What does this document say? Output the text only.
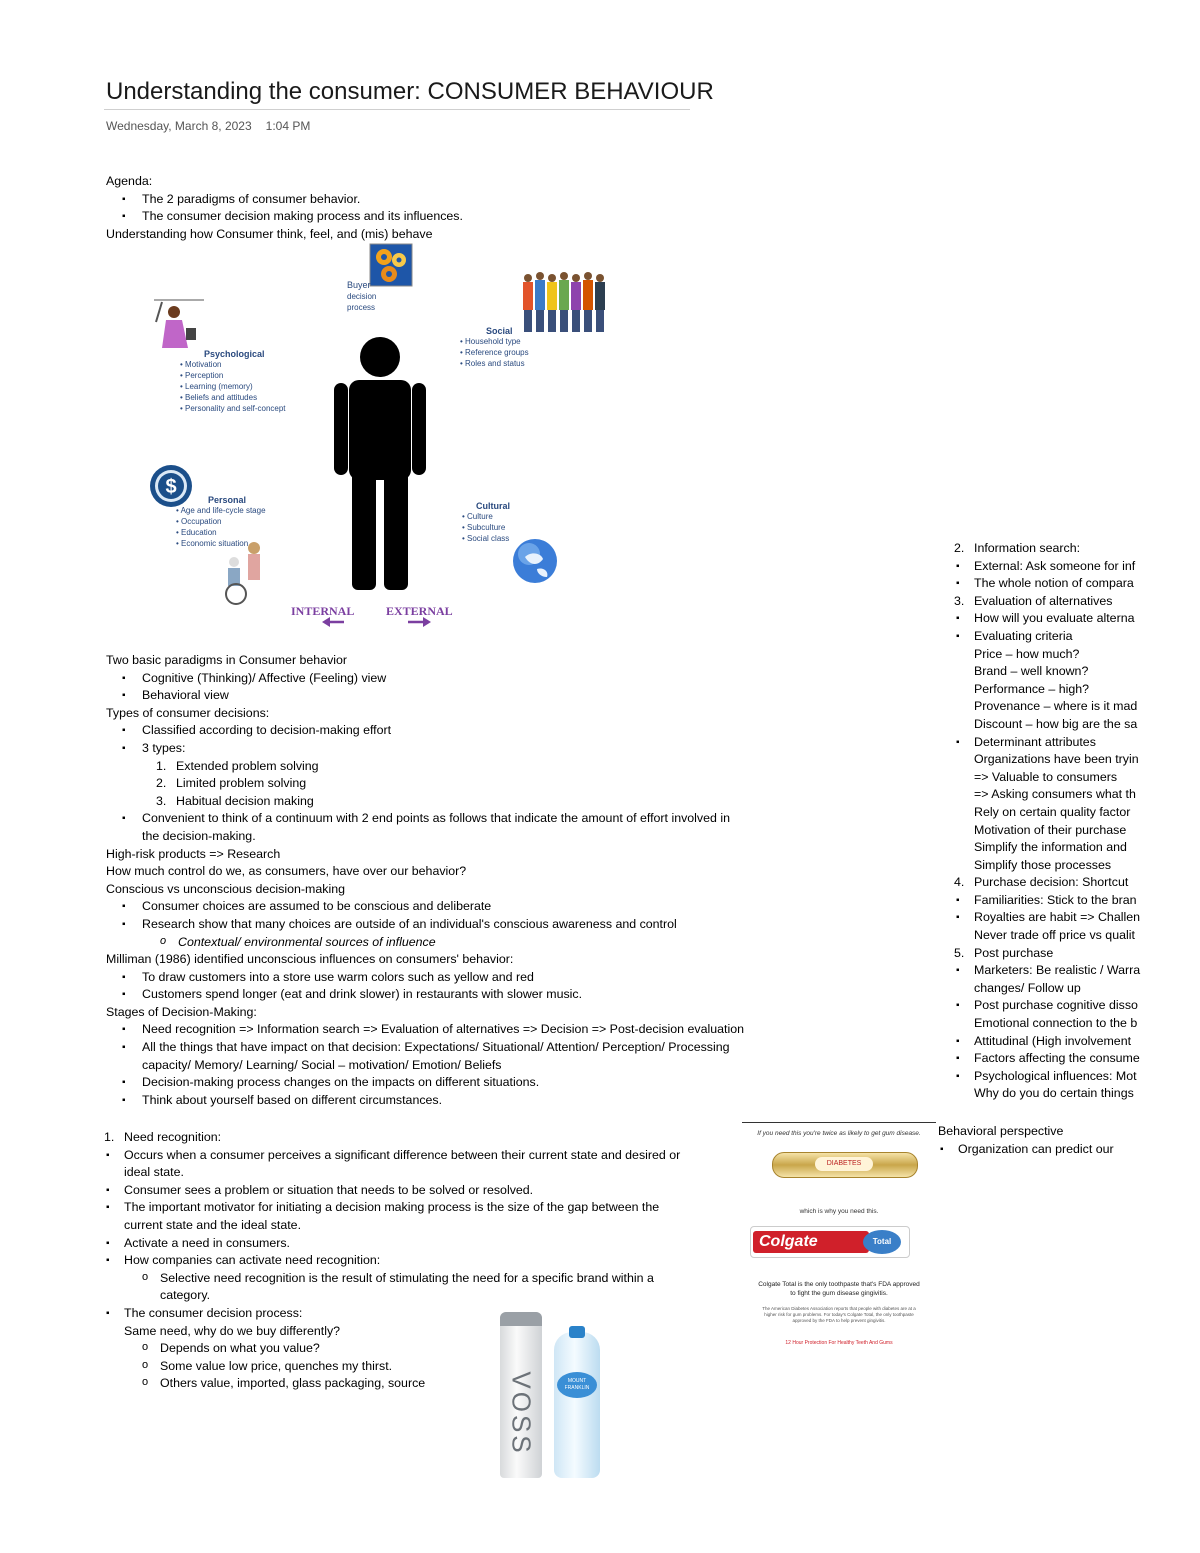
Understanding the consumer: CONSUMER BEHAVIOUR
Wednesday, March 8, 2023 1:04 PM

Agenda:

▪ The 2 paradigms of consumer behavior.

▪ The consumer decision making process and its influences.

Understanding how Consumer think, feel, and (mis) behave

$
Buyer
decision
process
Psychological
• Motivation
• Perception
• Learning (memory)
• Beliefs and attitudes
• Personality and self-concept
Social
• Household type
• Reference groups
• Roles and status
Personal
• Age and life-cycle stage
• Occupation
• Education
• Economic situation
Cultural
• Culture
• Subculture
• Social class
INTERNAL	EXTERNAL

Two basic paradigms in Consumer behavior

▪ Cognitive (Thinking)/ Affective (Feeling) view

▪ Behavioral view

Types of consumer decisions:

▪ Classified according to decision-making effort

▪ 3 types:

1. Extended problem solving

2. Limited problem solving

3. Habitual decision making

▪ Convenient to think of a continuum with 2 end points as follows that indicate the amount of effort involved in

the decision-making.

High-risk products => Research

How much control do we, as consumers, have over our behavior?

Conscious vs unconscious decision-making

▪ Consumer choices are assumed to be conscious and deliberate

▪ Research show that many choices are outside of an individual's conscious awareness and control

o Contextual/ environmental sources of influence

Milliman (1986) identified unconscious influences on consumers' behavior:

▪ To draw customers into a store use warm colors such as yellow and red

▪ Customers spend longer (eat and drink slower) in restaurants with slower music.

Stages of Decision-Making:

▪ Need recognition => Information search => Evaluation of alternatives => Decision => Post-decision evaluation

▪ All the things that have impact on that decision: Expectations/ Situational/ Attention/ Perception/ Processing

capacity/ Memory/ Learning/ Social – motivation/ Emotion/ Beliefs

▪ Decision-making process changes on the impacts on different situations.

▪ Think about yourself based on different circumstances.

1. Need recognition:

▪ Occurs when a consumer perceives a significant difference between their current state and desired or

ideal state.

▪ Consumer sees a problem or situation that needs to be solved or resolved.

▪ The important motivator for initiating a decision making process is the size of the gap between the

current state and the ideal state.

▪ Activate a need in consumers.

▪ How companies can activate need recognition:

o Selective need recognition is the result of stimulating the need for a specific brand within a

category.

▪ The consumer decision process:

Same need, why do we buy differently?

o Depends on what you value?

o Some value low price, quenches my thirst.

o Others value, imported, glass packaging, source

2. Information search:

▪ External: Ask someone for inf

▪ The whole notion of compara

3. Evaluation of alternatives

▪ How will you evaluate alterna

▪ Evaluating criteria

Price – how much?

Brand – well known?

Performance – high?

Provenance – where is it mad

Discount – how big are the sa

▪ Determinant attributes

Organizations have been tryin

=> Valuable to consumers

=> Asking consumers what th

Rely on certain quality factor

Motivation of their purchase

Simplify the information and

Simplify those processes

4. Purchase decision: Shortcut

▪ Familiarities: Stick to the bran

▪ Royalties are habit => Challen

Never trade off price vs qualit

5. Post purchase

▪ Marketers: Be realistic / Warra

changes/ Follow up

▪ Post purchase cognitive disso

Emotional connection to the b

▪ Attitudinal (High involvement

▪ Factors affecting the consume

▪ Psychological influences: Mot

Why do you do certain things

Behavioral perspective

▪ Organization can predict our

If you need this you're twice as likely to get gum disease.
DIABETES
which is why you need this.
Colgate	Total
Colgate Total is the only toothpaste that's FDA approved to fight the gum disease gingivitis.
The American Diabetes Association reports that people with diabetes are at a higher risk for gum problems. For today's Colgate Total, the only toothpaste approved by the FDA to help prevent gingivitis.
12 Hour Protection For Healthy Teeth And Gums
VOSS	MOUNT FRANKLIN
